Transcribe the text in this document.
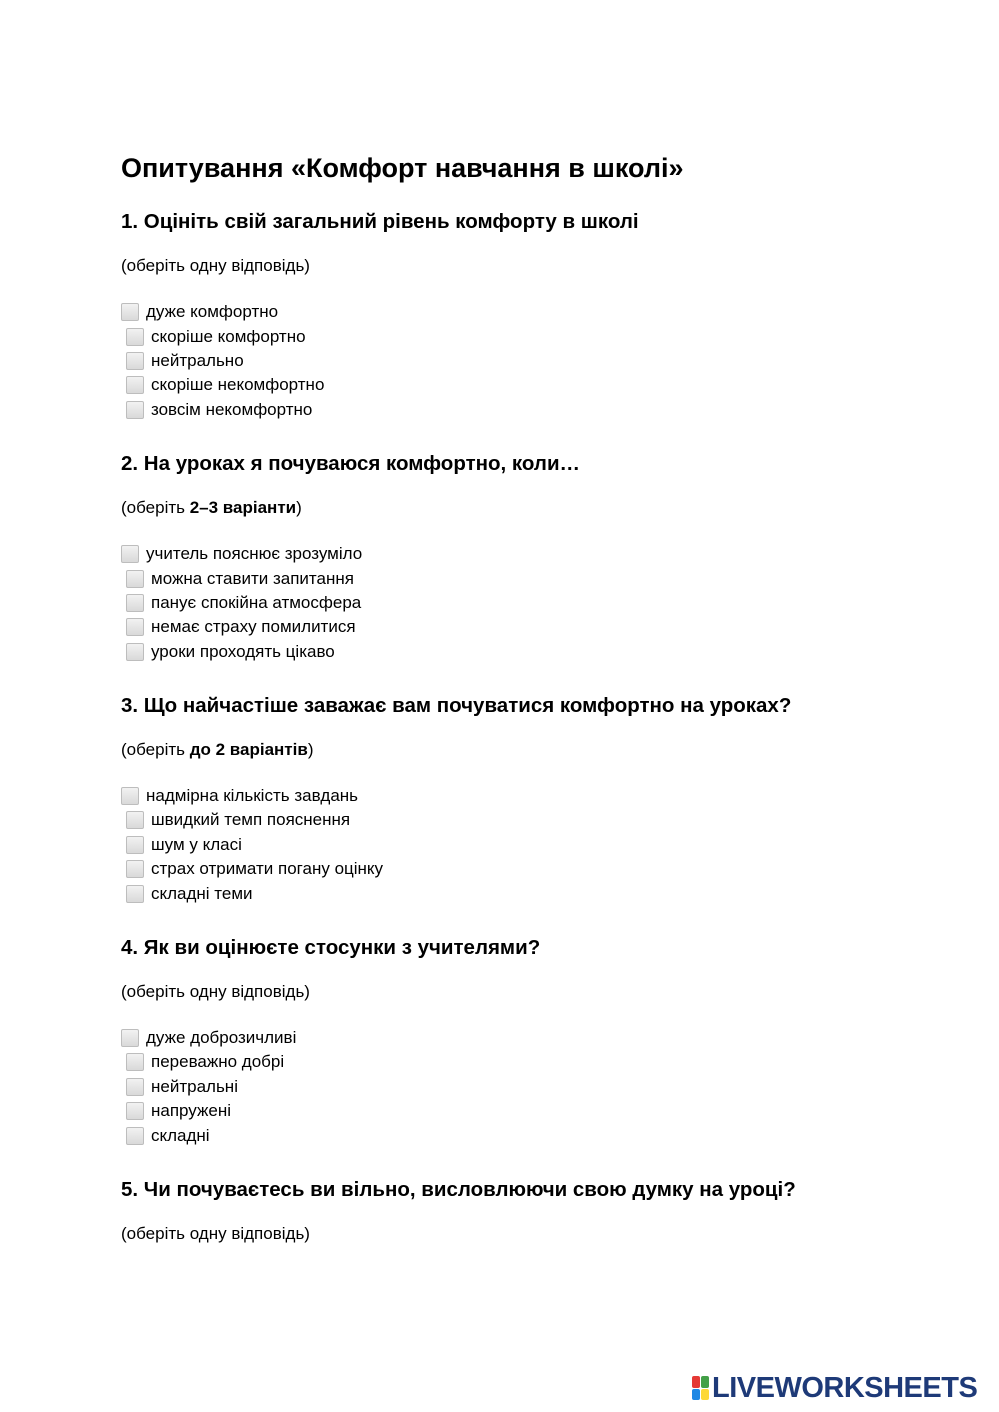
Опитування «Комфорт навчання в школі»

1. Оцініть свій загальний рівень комфорту в школі

(оберіть одну відповідь)
дуже комфортно
скоріше комфортно
нейтрально
скоріше некомфортно
зовсім некомфортно

2. На уроках я почуваюся комфортно, коли…

(оберіть 2–3 варіанти)
учитель пояснює зрозуміло
можна ставити запитання
панує спокійна атмосфера
немає страху помилитися
уроки проходять цікаво

3. Що найчастіше заважає вам почуватися комфортно на уроках?

(оберіть до 2 варіантів)
надмірна кількість завдань
швидкий темп пояснення
шум у класі
страх отримати погану оцінку
складні теми

4. Як ви оцінюєте стосунки з учителями?

(оберіть одну відповідь)
дуже доброзичливі
переважно добрі
нейтральні
напружені
складні

5. Чи почуваєтесь ви вільно, висловлюючи свою думку на уроці?

(оберіть одну відповідь)
LIVEWORKSHEETS
